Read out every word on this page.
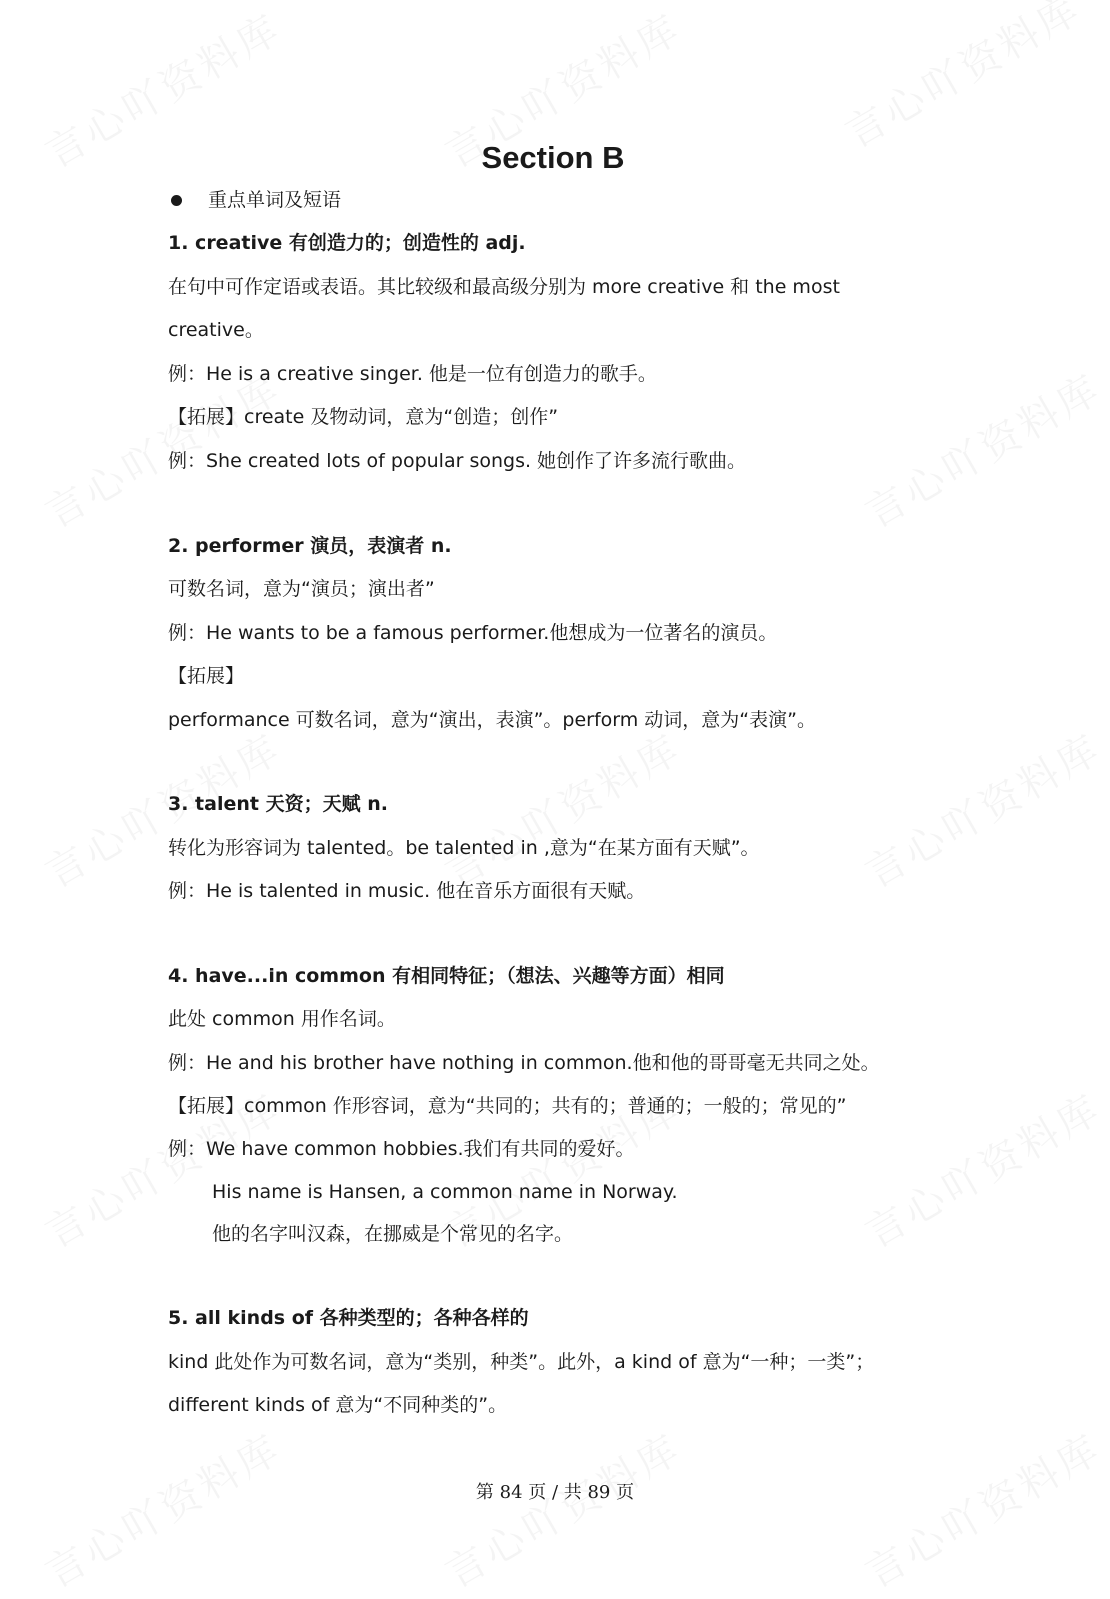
Section B
重点单词及短语
1. creative 有创造力的；创造性的 adj.
在句中可作定语或表语。其比较级和最高级分别为 more creative 和 the most
creative。
例：He is a creative singer. 他是一位有创造力的歌手。
【拓展】create 及物动词，意为“创造；创作”
例：She created lots of popular songs. 她创作了许多流行歌曲。
2. performer 演员，表演者 n.
可数名词，意为“演员；演出者”
例：He wants to be a famous performer.他想成为一位著名的演员。
【拓展】
performance 可数名词，意为“演出，表演”。perform 动词，意为“表演”。
3. talent 天资；天赋 n.
转化为形容词为 talented。be talented in ,意为“在某方面有天赋”。
例：He is talented in music. 他在音乐方面很有天赋。
4. have...in common 有相同特征；（想法、兴趣等方面）相同
此处 common 用作名词。
例：He and his brother have nothing in common.他和他的哥哥毫无共同之处。
【拓展】common 作形容词，意为“共同的；共有的；普通的；一般的；常见的”
例：We have common hobbies.我们有共同的爱好。
His name is Hansen, a common name in Norway.
他的名字叫汉森，在挪威是个常见的名字。
5. all kinds of 各种类型的；各种各样的
kind 此处作为可数名词，意为“类别，种类”。此外，a kind of 意为“一种；一类”；
different kinds of 意为“不同种类的”。
第 84 页 / 共 89 页
